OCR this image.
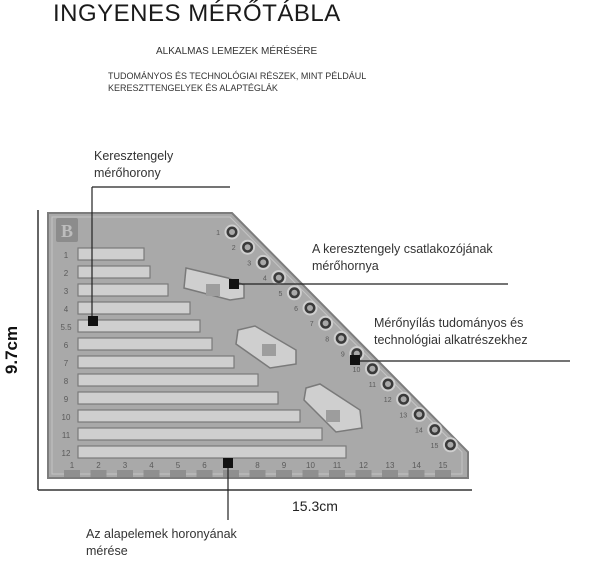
INGYENES MÉRŐTÁBLA
ALKALMAS LEMEZEK MÉRÉSÉRE
TUDOMÁNYOS ÉS TECHNOLÓGIAI RÉSZEK, MINT PÉLDÁUL KERESZTTENGELYEK ÉS ALAPTÉGLÁK
B
1
2
3
4
5.5
6
7
8
9
10
11
12
1	2	3	4	5	6	8	9 10 11 12 13 14 15
1
2
3
4
5
6
7
8
9
10
11
12
13
14
15
Keresztengely mérőhorony
A keresztengely csatlakozójának mérőhornya
Mérőnyílás tudományos és technológiai alkatrészekhez
Az alapelemek horonyának mérése
9.7cm
15.3cm
